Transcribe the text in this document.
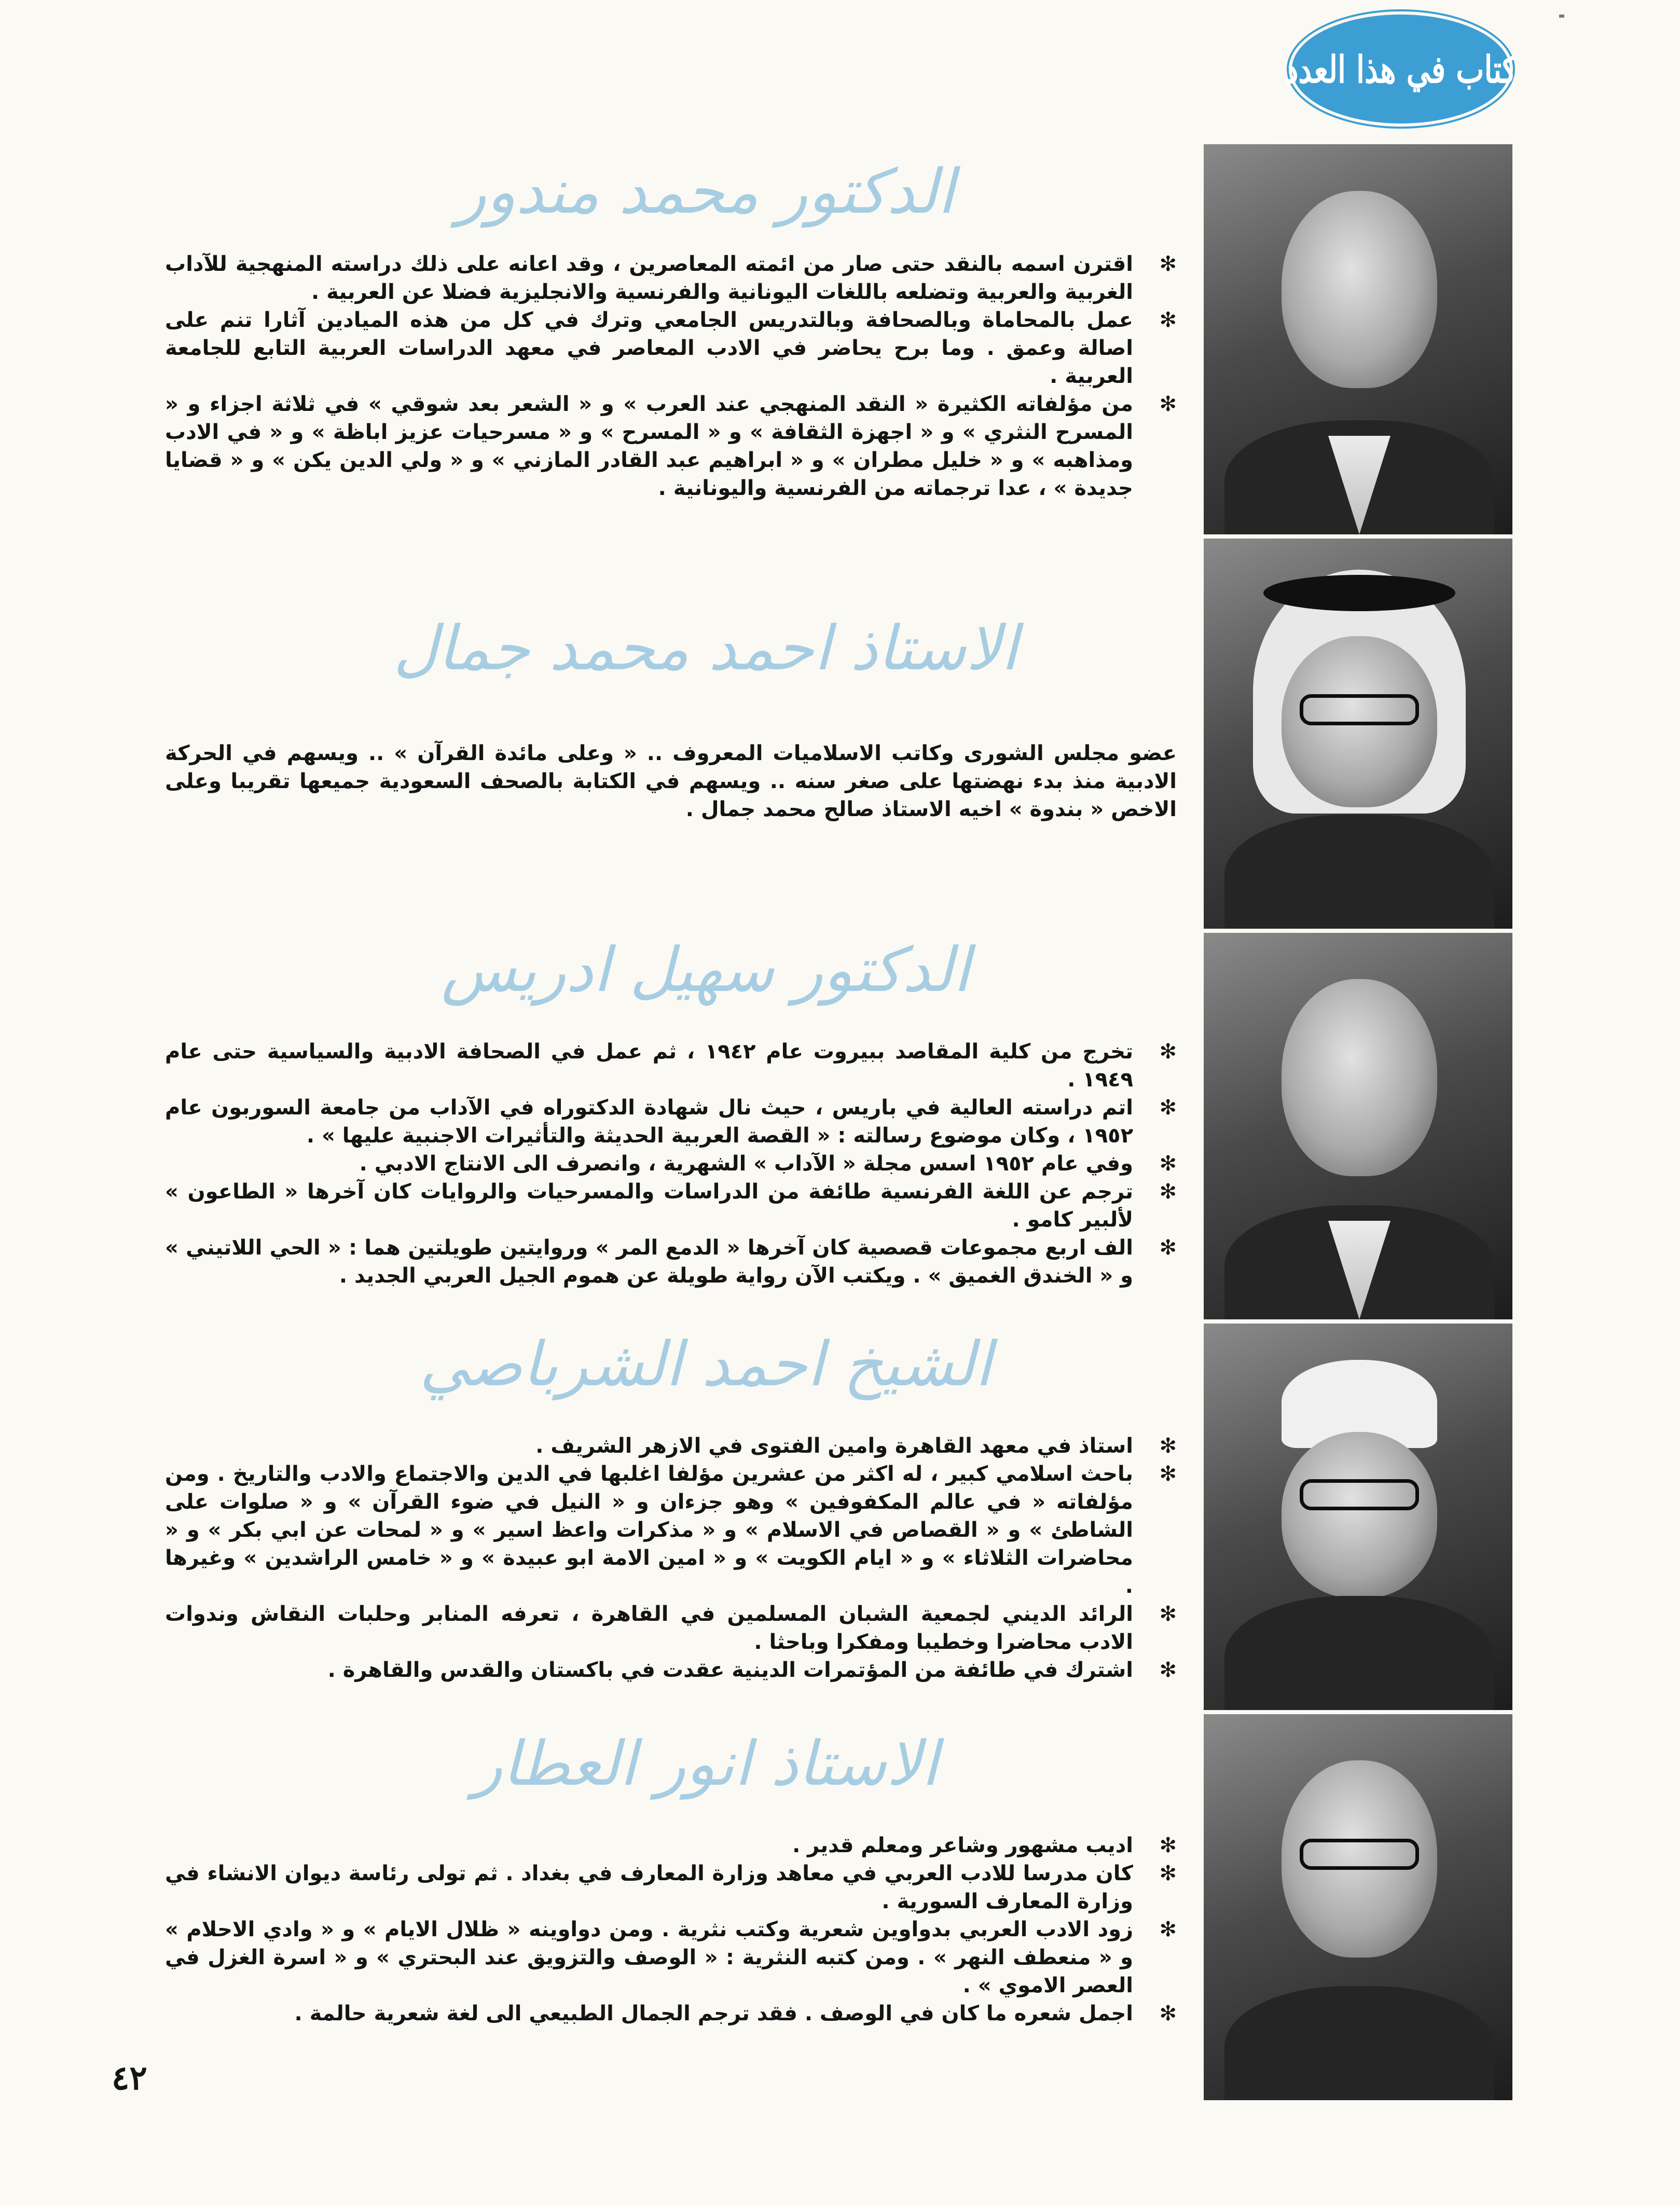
كتاب في هذا العدد
الدكتور محمد مندور

✻
اقترن اسمه بالنقد حتى صار من ائمته المعاصرين ، وقد اعانه على ذلك دراسته المنهجية للآداب الغربية والعربية وتضلعه باللغات اليونانية والفرنسية والانجليزية فضلا عن العربية .

✻
عمل بالمحاماة وبالصحافة وبالتدريس الجامعي وترك في كل من هذه الميادين آثارا تنم على اصالة وعمق . وما برح يحاضر في الادب المعاصر في معهد الدراسات العربية التابع للجامعة العربية .

✻
من مؤلفاته الكثيرة « النقد المنهجي عند العرب » و « الشعر بعد شوقي » في ثلاثة اجزاء و « المسرح النثري » و « اجهزة الثقافة » و « المسرح » و « مسرحيات عزيز اباظة » و « في الادب ومذاهبه » و « خليل مطران » و « ابراهيم عبد القادر المازني » و « ولي الدين يكن » و « قضايا جديدة » ، عدا ترجماته من الفرنسية واليونانية .

الاستاذ احمد محمد جمال

عضو مجلس الشورى وكاتب الاسلاميات المعروف .. « وعلى مائدة القرآن » .. ويسهم في الحركة الادبية منذ بدء نهضتها على صغر سنه .. ويسهم في الكتابة بالصحف السعودية جميعها تقريبا وعلى الاخص « بندوة » اخيه الاستاذ صالح محمد جمال .

الدكتور سهيل ادريس

✻
تخرج من كلية المقاصد ببيروت عام ١٩٤٢ ، ثم عمل في الصحافة الادبية والسياسية حتى عام ١٩٤٩ .

✻
اتم دراسته العالية في باريس ، حيث نال شهادة الدكتوراه في الآداب من جامعة السوربون عام ١٩٥٢ ، وكان موضوع رسالته : « القصة العربية الحديثة والتأثيرات الاجنبية عليها » .

✻
وفي عام ١٩٥٢ اسس مجلة « الآداب » الشهرية ، وانصرف الى الانتاج الادبي .

✻
ترجم عن اللغة الفرنسية طائفة من الدراسات والمسرحيات والروايات كان آخرها « الطاعون » لألبير كامو .

✻
الف اربع مجموعات قصصية كان آخرها « الدمع المر » وروايتين طويلتين هما : « الحي اللاتيني » و « الخندق الغميق » . ويكتب الآن رواية طويلة عن هموم الجيل العربي الجديد .

الشيخ احمد الشرباصي

✻
استاذ في معهد القاهرة وامين الفتوى في الازهر الشريف .

✻
باحث اسلامي كبير ، له اكثر من عشرين مؤلفا اغلبها في الدين والاجتماع والادب والتاريخ . ومن مؤلفاته « في عالم المكفوفين » وهو جزءان و « النيل في ضوء القرآن » و « صلوات على الشاطئ » و « القصاص في الاسلام » و « مذكرات واعظ اسير » و « لمحات عن ابي بكر » و « محاضرات الثلاثاء » و « ايام الكويت » و « امين الامة ابو عبيدة » و « خامس الراشدين » وغيرها .

✻
الرائد الديني لجمعية الشبان المسلمين في القاهرة ، تعرفه المنابر وحلبات النقاش وندوات الادب محاضرا وخطيبا ومفكرا وباحثا .

✻
اشترك في طائفة من المؤتمرات الدينية عقدت في باكستان والقدس والقاهرة .

الاستاذ انور العطار

✻
اديب مشهور وشاعر ومعلم قدير .

✻
كان مدرسا للادب العربي في معاهد وزارة المعارف في بغداد . ثم تولى رئاسة ديوان الانشاء في وزارة المعارف السورية .

✻
زود الادب العربي بدواوين شعرية وكتب نثرية . ومن دواوينه « ظلال الايام » و « وادي الاحلام » و « منعطف النهر » . ومن كتبه النثرية : « الوصف والتزويق عند البحتري » و « اسرة الغزل في العصر الاموي » .

✻
اجمل شعره ما كان في الوصف . فقد ترجم الجمال الطبيعي الى لغة شعرية حالمة .

٤٢
